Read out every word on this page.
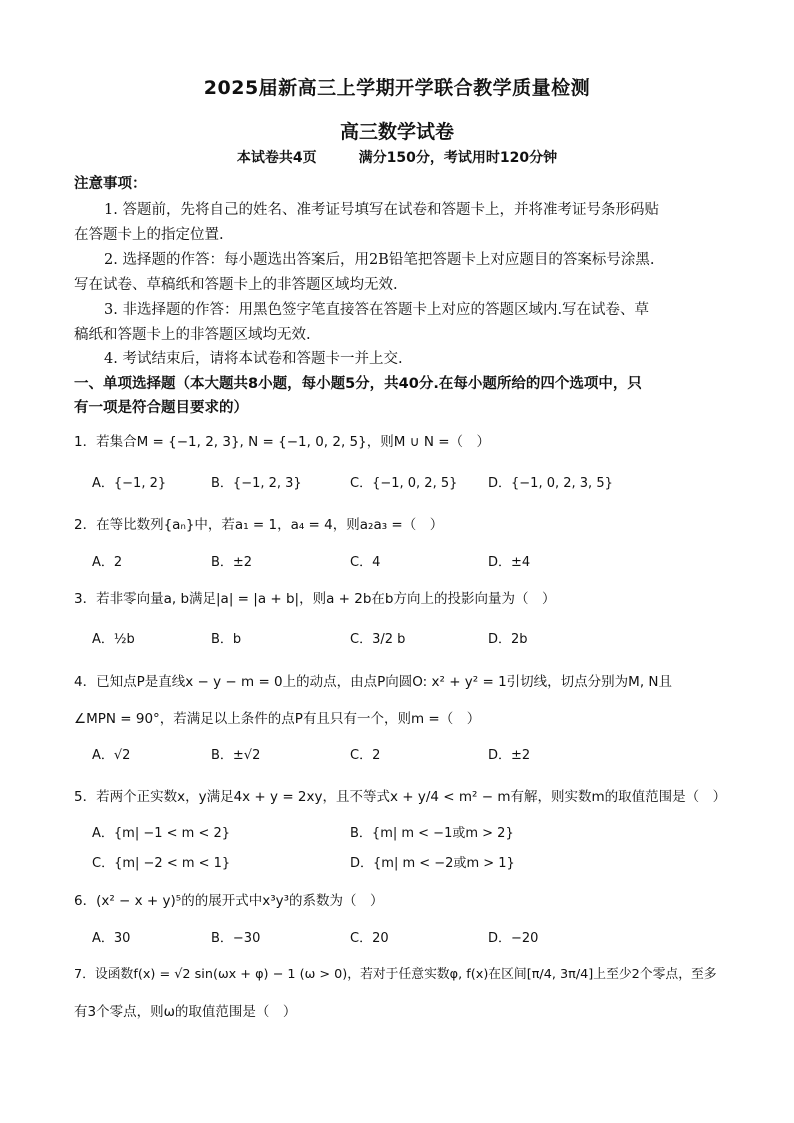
2025届新高三上学期开学联合教学质量检测
高三数学试卷
本试卷共4页	满分150分，考试用时120分钟
注意事项：
1. 答题前，先将自己的姓名、准考证号填写在试卷和答题卡上，并将准考证号条形码贴
在答题卡上的指定位置.
2. 选择题的作答：每小题选出答案后，用2B铅笔把答题卡上对应题目的答案标号涂黑.
写在试卷、草稿纸和答题卡上的非答题区域均无效.
3. 非选择题的作答：用黑色签字笔直接答在答题卡上对应的答题区域内.写在试卷、草
稿纸和答题卡上的非答题区域均无效.
4. 考试结束后，请将本试卷和答题卡一并上交.
一、单项选择题（本大题共8小题，每小题5分，共40分.在每小题所给的四个选项中，只
有一项是符合题目要求的）
1．若集合M = {−1, 2, 3}, N = {−1, 0, 2, 5}，则M ∪ N =（　）
A．{−1, 2}	B．{−1, 2, 3}	C．{−1, 0, 2, 5} D．{−1, 0, 2, 3, 5}
2．在等比数列{aₙ}中，若a₁ = 1，a₄ = 4，则a₂a₃ =（　）
A．2	B．±2	C．4	D．±4
3．若非零向量a, b满足|a| = |a + b|，则a + 2b在b方向上的投影向量为（　）
A．½b	B．b	C．3/2 b	D．2b
4．已知点P是直线x − y − m = 0上的动点，由点P向圆O: x² + y² = 1引切线，切点分别为M, N且
∠MPN = 90°，若满足以上条件的点P有且只有一个，则m =（　）
A．√2	B．±√2	C．2	D．±2
5．若两个正实数x，y满足4x + y = 2xy，且不等式x + y/4 < m² − m有解，则实数m的取值范围是（　）
A．{m| −1 < m < 2}	B．{m| m < −1或m > 2}
C．{m| −2 < m < 1}	D．{m| m < −2或m > 1}
6．(x² − x + y)⁵的的展开式中x³y³的系数为（　）
A．30	B．−30	C．20	D．−20
7．设函数f(x) = √2 sin(ωx + φ) − 1 (ω > 0)，若对于任意实数φ, f(x)在区间[π/4, 3π/4]上至少2个零点，至多
有3个零点，则ω的取值范围是（　）
